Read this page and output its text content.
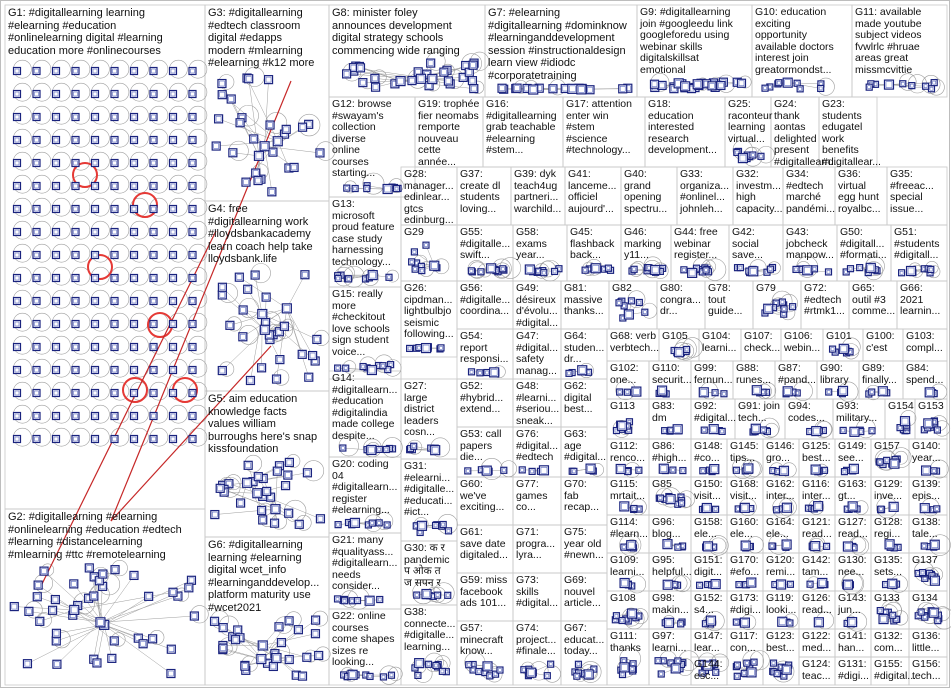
G1: #digitallearning learning
#elearning #education
#onlinelearning digital #learning
education more #onlinecourses
G2: #digitallearning #elearning
#onlinelearning #education #edtech
#learning #distancelearning
#mlearning #ttc #remotelearning
G3: #digitallearning
#edtech classroom
digital #edapps
modern #mlearning
#elearning #k12 more
G4: free
#digitallearning work
#lloydsbankacademy
learn coach help take
lloydsbank.life
G5: aim education
knowledge facts
values william
burroughs here's snap
kissfoundation
G6: #digitallearning
learning #elearning
digital wcet_info
#learninganddevelop...
platform maturity use
#wcet2021
G7: #elearning
#digitallearning #dominknow
#learninganddevelopment
session #instructionaldesign
learn view #idiodc
#corporatetraining
G8: minister foley
announces development
digital strategy schools
commencing wide ranging
G9: #digitallearning
join #googleedu link
googleforedu using
webinar skills
digitalskillsat
emotional
G10: education
exciting
opportunity
available doctors
interest join
greatormondst...
G11: available
made youtube
subject videos
fvwlrlc #hruae
areas great
missmcvittie
G12: browse
#swayam's
collection
diverse
online
courses
starting...
G13:
microsoft
proud feature
case study
harnessing
technology...
G14:
#digitallearn...
#education
#digitalindia
made college
despite...
G15: really
more
#checkitout
love schools
sign student
voice...
G16:
#digitallearning
grab teachable
#elearning
#stem...
G17: attention
enter win
#stem
#science
#technology...
G18:
education
interested
research
development...
G19: trophée
fier neomabs
remporte
nouveau cette
année...
G20: coding
04
#digitallearn...
register
#elearning...
G21: many
#qualityass...
#digitallearn...
needs
consider...
G22: online
courses
come shapes
sizes re
looking...
G23:
students
edugatel
work benefits
#digitallear...
G24: thank
aontas
delighted
present
#digitallearn...
G25:
raconteur
learning
virtual...
G26:
cipdman...
lightbulbjo
seismic
following...
G27:
large
district
leaders
cosn...
G28:
manager...
edinlear...
gtcs
edinburg...
G29
G30: क र
pandemic
प ओक त
ज सपन र
G31:
#elearni...
#digitalle...
#educati...
#ict...
G32:
investm...
high
capacity...
G33:
organiza...
#onlinel...
johnleh...
G34:
#edtech
marché
pandémi...
G35:
#freeac...
special
issue...
G36:
virtual
egg hunt
royalbc...
G37:
create dl
students
loving...
G38:
connecte...
#digitalle...
learning...
G39: dyk
teach4ug
partneri...
warchild...
G40:
grand
opening
spectru...
G41:
lanceme...
officiel
aujourd'...
G42:
social
save...
G43:
jobcheck
manpow...
G44: free
webinar
register...
G45:
flashback
back...
G46:
marking
y11...
G47:
#digital...
safety
manag...
G48:
#learni...
#seriou...
sneak...
G49:
désireux
d'évolu...
#digital...
G50:
#digitall...
#formati...
G51:
#students
#digitall...
G52:
#hybrid...
extend...
G53: call
papers
die...
G54:
report
responsi...
G55:
#digitalle...
swift...
G56:
#digitalle...
coordina...
G57:
minecraft
know...
G58:
exams
year...
G59: miss
facebook
ads 101...
G60:
we've
exciting...
G61:
save date
digitaled...
G62:
digital
best...
G63:
age
#digital...
G64:
studen...
dr...
G65:
outil #3
comme...
G66:
2021
learnin...
G67:
educat...
today...
G68: verb
verbtech...
G69:
nouvel
article...
G70:
fab
recap...
G71:
progra...
lyra...
G72:
#edtech
#rtmk1...
G73:
skills
#digital...
G74:
project...
#finale...
G75:
year old
#newn...
G76:
#digital...
#edtech
G77:
games
co...
G78:
tout
guide...
G79
G80:
congra...
dr...
G81:
massive
thanks...
G82
G83:
dm
G84:
spend...
G85
G86:
#high...
G87:
#pand...
G88:
runes...
G89:
finally...
G90:
library
G91: join
tech...
G92:
#digital...
G93:
military...
G94:
codes...
G95:
helpful...
G96:
blog...
G97:
learni...
G98:
makin...
G99:
fernun...
G100:
c'est
G101
G102:
one...
G103:
compl...
G104:
learni...
G105	G106:
webin...
G107:
check...
G108
G109:
learni...
G110:
securit...
G111:
thanks
G112:
renco...
G113
G114:
#learn...
G115:
mrtait...
G116:
inter...
G117:
con...
G119:
looki...
G120:
remi...
G121:
read...
G122:
med...
G123:
best...
G124:
teac...
G125:
best...
G126:
read...
G127:
read...
G128:
regi...
G129:
inve...
G130:
nee...
G131:
#digi...
G132:
com...
G133	G134
G135:
sets...
G136:
little...
G137
G138:
tale...
G139:
epis...
G140:
year...
G141:
han...
G142:
tam...
G143:
jun...
G144:
esc...
G145:
tips...
G146:
gro...
G147:
lear...
G148:
#co...
G149:
see...
G150:
visit...
G151:
digit...
G152:
s4...
G153
G154
G155:
#digital...
G156:
tech...
G157
G158:
ele...
G160:
ele...
G162:
inter...
G163:
gt...
G164:
ele...
G168:
visit...
G170:
#efo...
G173:
#digi...
